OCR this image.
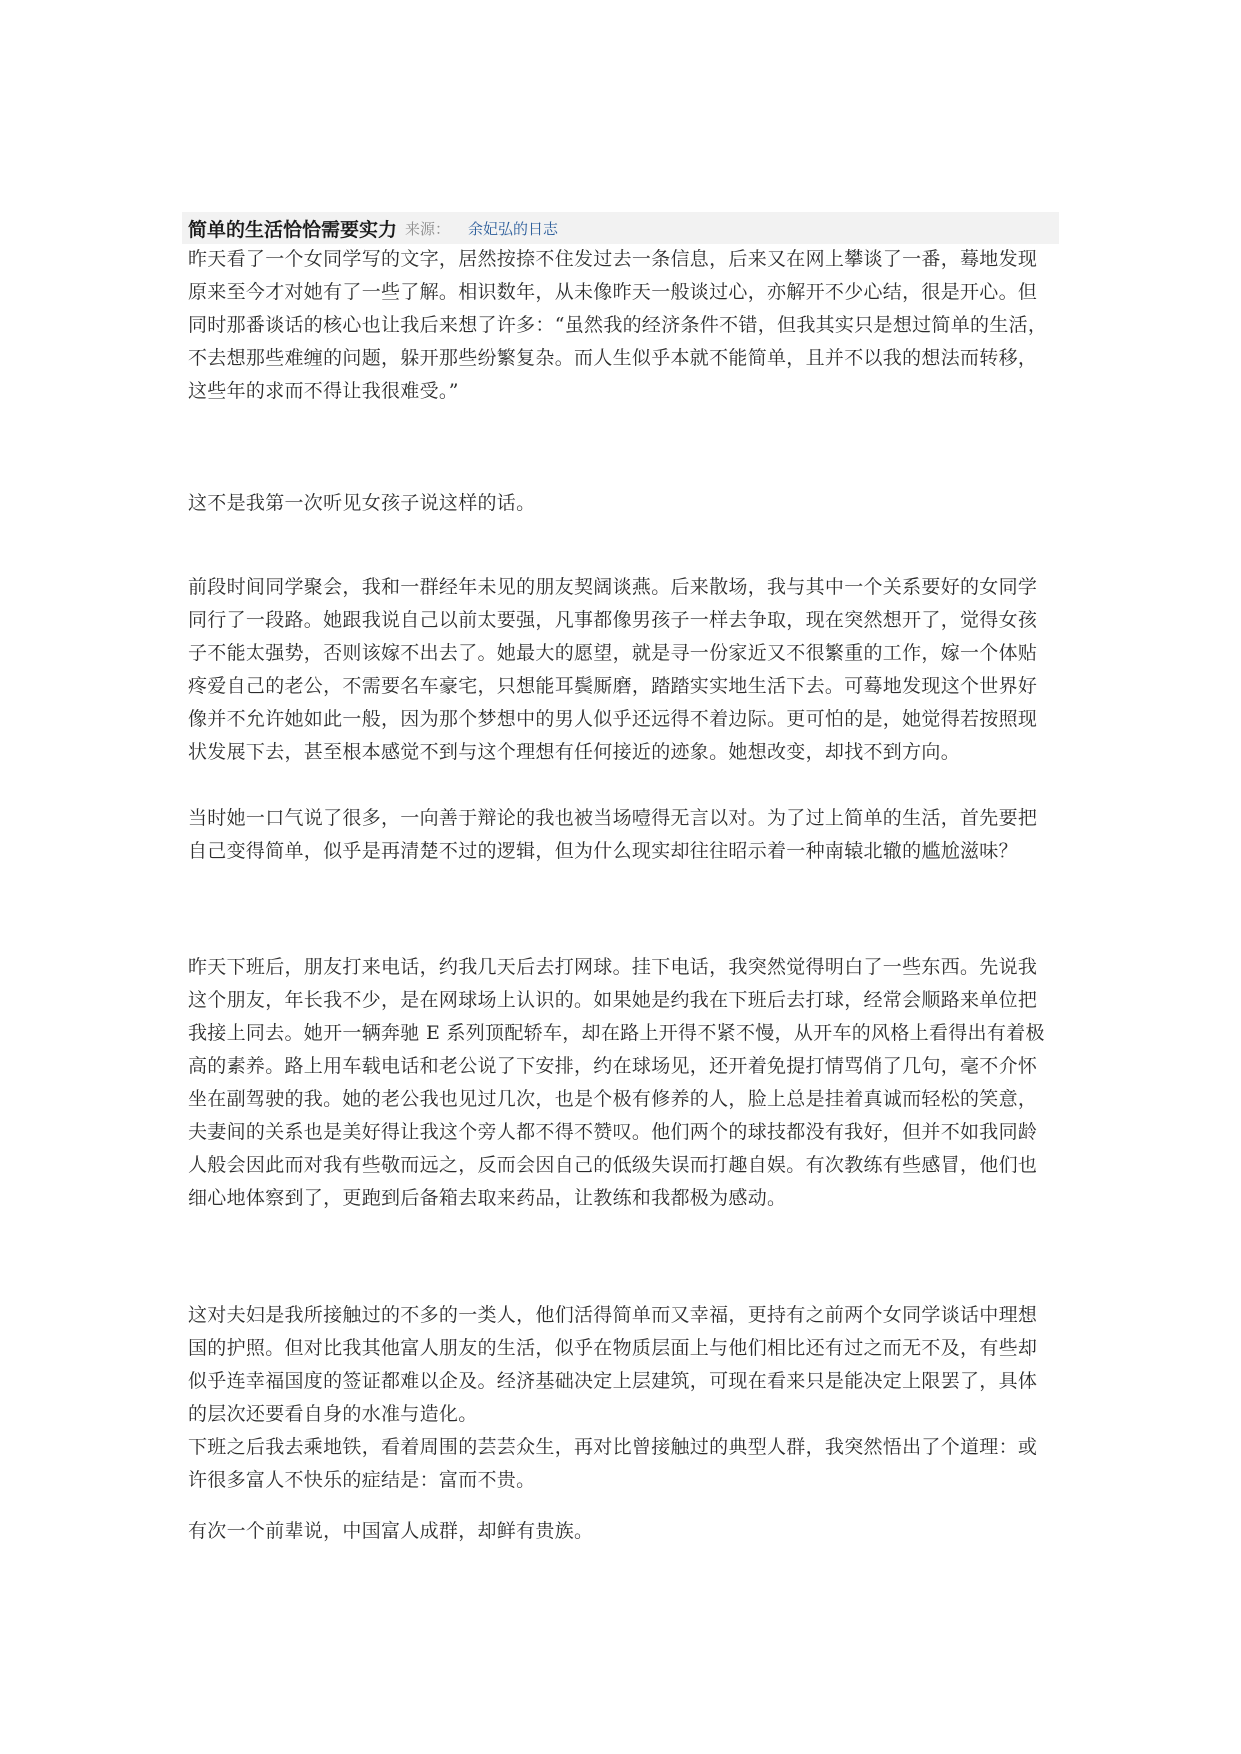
简单的生活恰恰需要实力 来源： 余妃弘的日志

昨天看了一个女同学写的文字，居然按捺不住发过去一条信息，后来又在网上攀谈了一番，蓦地发现原来至今才对她有了一些了解。相识数年，从未像昨天一般谈过心，亦解开不少心结，很是开心。但同时那番谈话的核心也让我后来想了许多：“虽然我的经济条件不错，但我其实只是想过简单的生活，不去想那些难缠的问题，躲开那些纷繁复杂。而人生似乎本就不能简单，且并不以我的想法而转移，这些年的求而不得让我很难受。”

这不是我第一次听见女孩子说这样的话。

前段时间同学聚会，我和一群经年未见的朋友契阔谈燕。后来散场，我与其中一个关系要好的女同学同行了一段路。她跟我说自己以前太要强，凡事都像男孩子一样去争取，现在突然想开了，觉得女孩子不能太强势，否则该嫁不出去了。她最大的愿望，就是寻一份家近又不很繁重的工作，嫁一个体贴疼爱自己的老公，不需要名车豪宅，只想能耳鬓厮磨，踏踏实实地生活下去。可蓦地发现这个世界好像并不允许她如此一般，因为那个梦想中的男人似乎还远得不着边际。更可怕的是，她觉得若按照现状发展下去，甚至根本感觉不到与这个理想有任何接近的迹象。她想改变，却找不到方向。

当时她一口气说了很多，一向善于辩论的我也被当场噎得无言以对。为了过上简单的生活，首先要把自己变得简单，似乎是再清楚不过的逻辑，但为什么现实却往往昭示着一种南辕北辙的尴尬滋味？

昨天下班后，朋友打来电话，约我几天后去打网球。挂下电话，我突然觉得明白了一些东西。先说我这个朋友，年长我不少，是在网球场上认识的。如果她是约我在下班后去打球，经常会顺路来单位把我接上同去。她开一辆奔驰 E 系列顶配轿车，却在路上开得不紧不慢，从开车的风格上看得出有着极高的素养。路上用车载电话和老公说了下安排，约在球场见，还开着免提打情骂俏了几句，毫不介怀坐在副驾驶的我。她的老公我也见过几次，也是个极有修养的人，脸上总是挂着真诚而轻松的笑意，夫妻间的关系也是美好得让我这个旁人都不得不赞叹。他们两个的球技都没有我好，但并不如我同龄人般会因此而对我有些敬而远之，反而会因自己的低级失误而打趣自娱。有次教练有些感冒，他们也细心地体察到了，更跑到后备箱去取来药品，让教练和我都极为感动。

这对夫妇是我所接触过的不多的一类人，他们活得简单而又幸福，更持有之前两个女同学谈话中理想国的护照。但对比我其他富人朋友的生活，似乎在物质层面上与他们相比还有过之而无不及，有些却似乎连幸福国度的签证都难以企及。经济基础决定上层建筑，可现在看来只是能决定上限罢了，具体的层次还要看自身的水准与造化。

下班之后我去乘地铁，看着周围的芸芸众生，再对比曾接触过的典型人群，我突然悟出了个道理：或许很多富人不快乐的症结是：富而不贵。

有次一个前辈说，中国富人成群，却鲜有贵族。
